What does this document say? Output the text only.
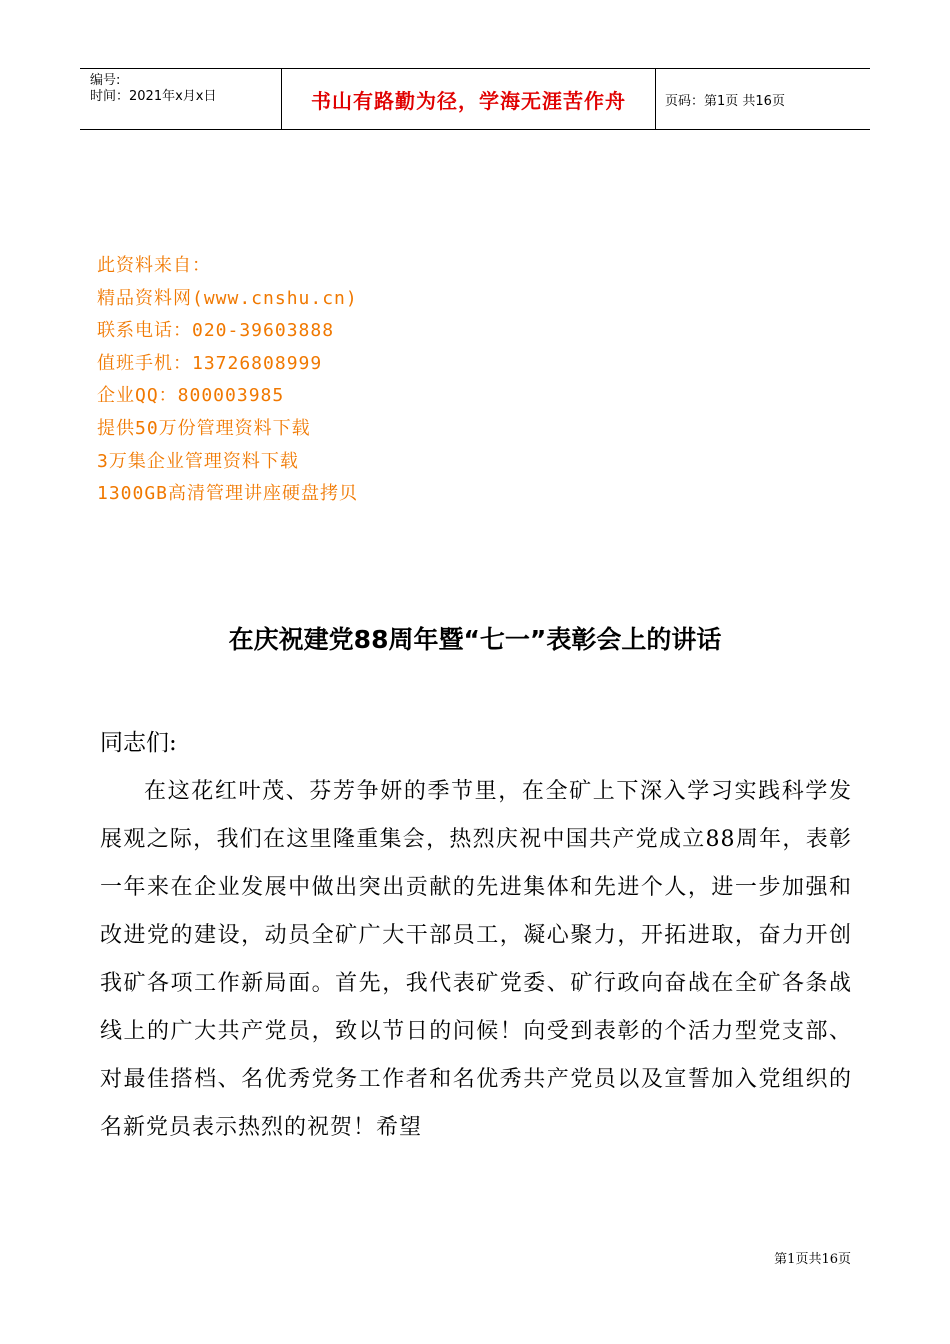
编号:
时间：2021年x月x日	书山有路勤为径，学海无涯苦作舟	页码：第1页 共16页
此资料来自：
精品资料网(www.cnshu.cn)
联系电话：020-39603888
值班手机：13726808999
企业QQ：800003985
提供50万份管理资料下载
3万集企业管理资料下载
1300GB高清管理讲座硬盘拷贝
在庆祝建党88周年暨“七一”表彰会上的讲话
同志们:
在这花红叶茂、芬芳争妍的季节里，在全矿上下深入学习实践科学发展观之际，我们在这里隆重集会，热烈庆祝中国共产党成立88周年，表彰一年来在企业发展中做出突出贡献的先进集体和先进个人，进一步加强和改进党的建设，动员全矿广大干部员工，凝心聚力，开拓进取，奋力开创我矿各项工作新局面。首先，我代表矿党委、矿行政向奋战在全矿各条战线上的广大共产党员，致以节日的问候！向受到表彰的个活力型党支部、对最佳搭档、名优秀党务工作者和名优秀共产党员以及宣誓加入党组织的名新党员表示热烈的祝贺！希望
第1页共16页
